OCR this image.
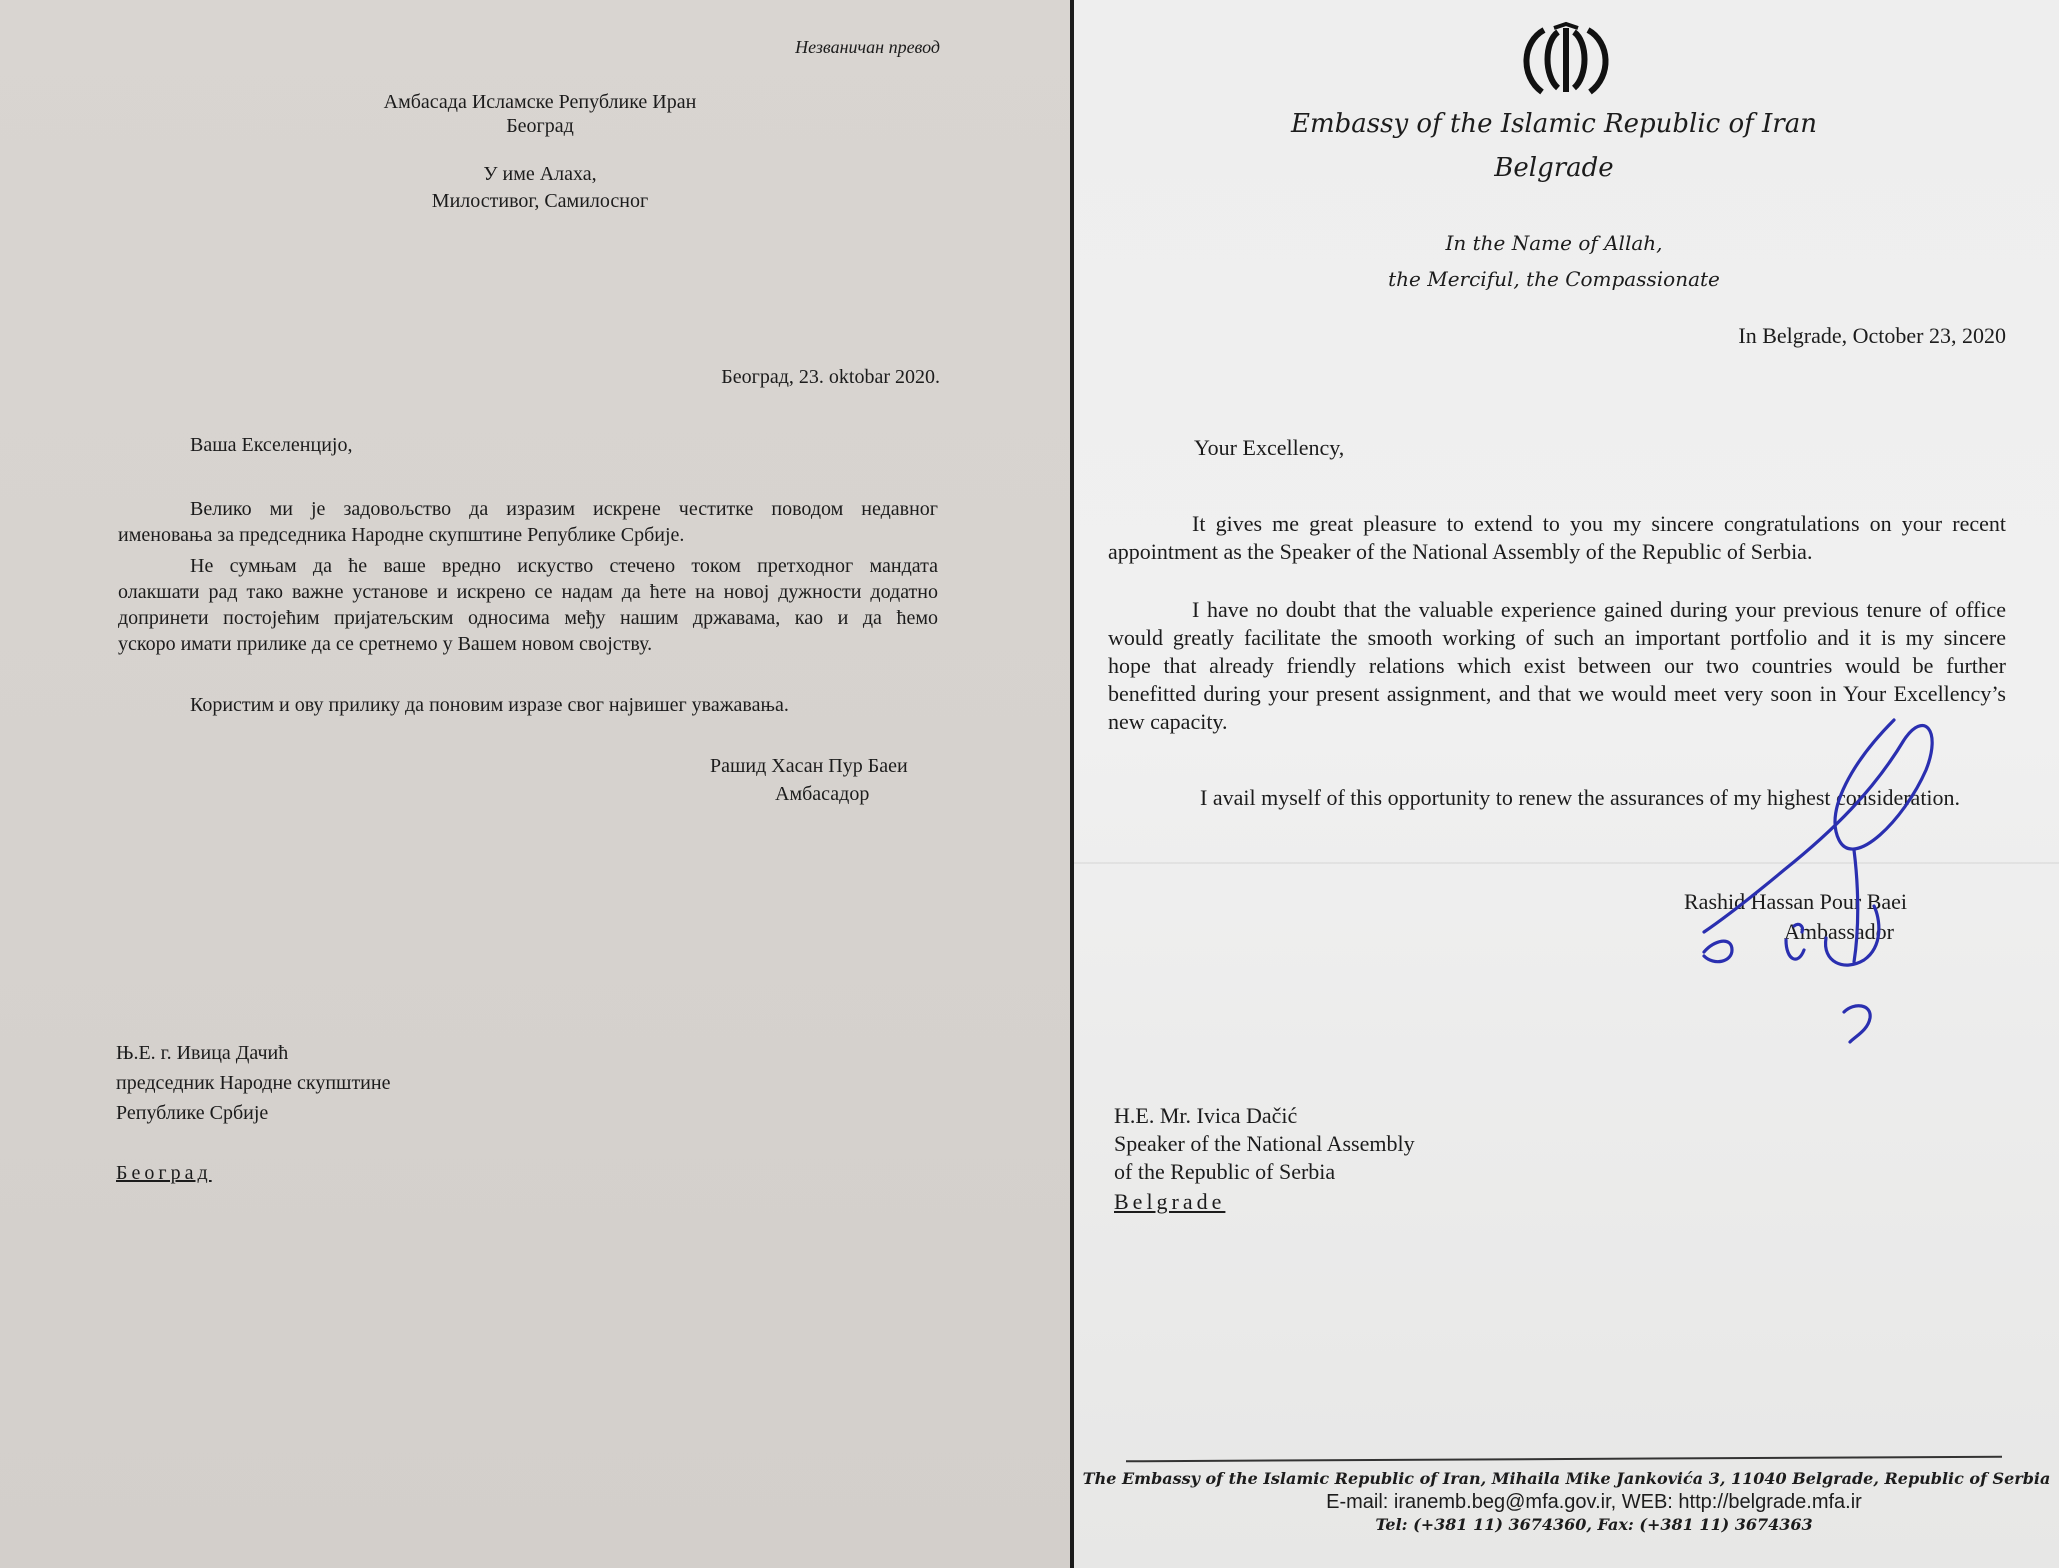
Незваничан превод
Амбасада Исламске Републике Иран
Београд
У име Алаха,
Милостивог, Самилосног
Београд, 23. oktobar 2020.
Ваша Екселенцијо,
Велико ми је задовољство да изразим искрене честитке поводом недавног
именовања за председника Народне скупштине Републике Србије.
Не сумњам да ће ваше вредно искуство стечено током претходног мандата
олакшати рад тако важне установе и искрено се надам да ћете на новој дужности додатно
допринети постојећим пријатељским односима међу нашим државама, као и да ћемо
ускоро имати прилике да се сретнемо у Вашем новом својству.
Користим и ову прилику да поновим изразе свог највишег уважавања.
Рашид Хасан Пур Баеи
Амбасадор
Њ.Е. г. Ивица Дачић
председник Народне скупштине
Републике Србије
Београд
Embassy of the Islamic Republic of Iran
Belgrade
In the Name of Allah,
the Merciful, the Compassionate
In Belgrade, October 23, 2020
Your Excellency,
It gives me great pleasure to extend to you my sincere congratulations on your recent
appointment as the Speaker of the National Assembly of the Republic of Serbia.
I have no doubt that the valuable experience gained during your previous tenure of office
would greatly facilitate the smooth working of such an important portfolio and it is my sincere
hope that already friendly relations which exist between our two countries would be further
benefitted during your present assignment, and that we would meet very soon in Your Excellency’s
new capacity.
I avail myself of this opportunity to renew the assurances of my highest consideration.
Rashid Hassan Pour Baei
Ambassador
H.E. Mr. Ivica Dačić
Speaker of the National Assembly
of the Republic of Serbia
Belgrade
The Embassy of the Islamic Republic of Iran, Mihaila Mike Jankovića 3, 11040 Belgrade, Republic of Serbia
E-mail: iranemb.beg@mfa.gov.ir, WEB: http://belgrade.mfa.ir
Tel: (+381 11) 3674360, Fax: (+381 11) 3674363
